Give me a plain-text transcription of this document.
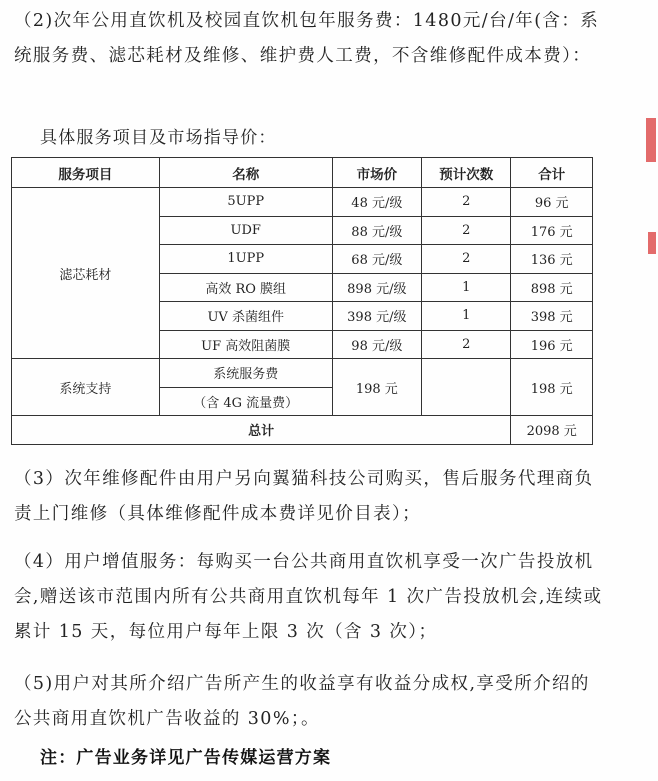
（2)次年公用直饮机及校园直饮机包年服务费：1480元/台/年(含：系统服务费、滤芯耗材及维修、维护费人工费，不含维修配件成本费）：
具体服务项目及市场指导价：
服务项目	名称	市场价	预计次数	合计
滤芯耗材	5UPP	48 元/级	2	96 元
	UDF	88 元/级	2	176 元
	1UPP	68 元/级	2	136 元
	高效 RO 膜组	898 元/级	1	898 元
	UV 杀菌组件	398 元/级	1	398 元
	UF 高效阻菌膜	98 元/级	2	196 元
系统支持	系统服务费	198 元		198 元
	（含 4G 流量费）			
总计				2098 元
（3）次年维修配件由用户另向翼猫科技公司购买，售后服务代理商负责上门维修（具体维修配件成本费详见价目表）；
（4）用户增值服务：每购买一台公共商用直饮机享受一次广告投放机会,赠送该市范围内所有公共商用直饮机每年 1 次广告投放机会,连续或累计 15 天，每位用户每年上限 3 次（含 3 次）；
（5)用户对其所介绍广告所产生的收益享有收益分成权,享受所介绍的公共商用直饮机广告收益的 30%；。
注：广告业务详见广告传媒运营方案
